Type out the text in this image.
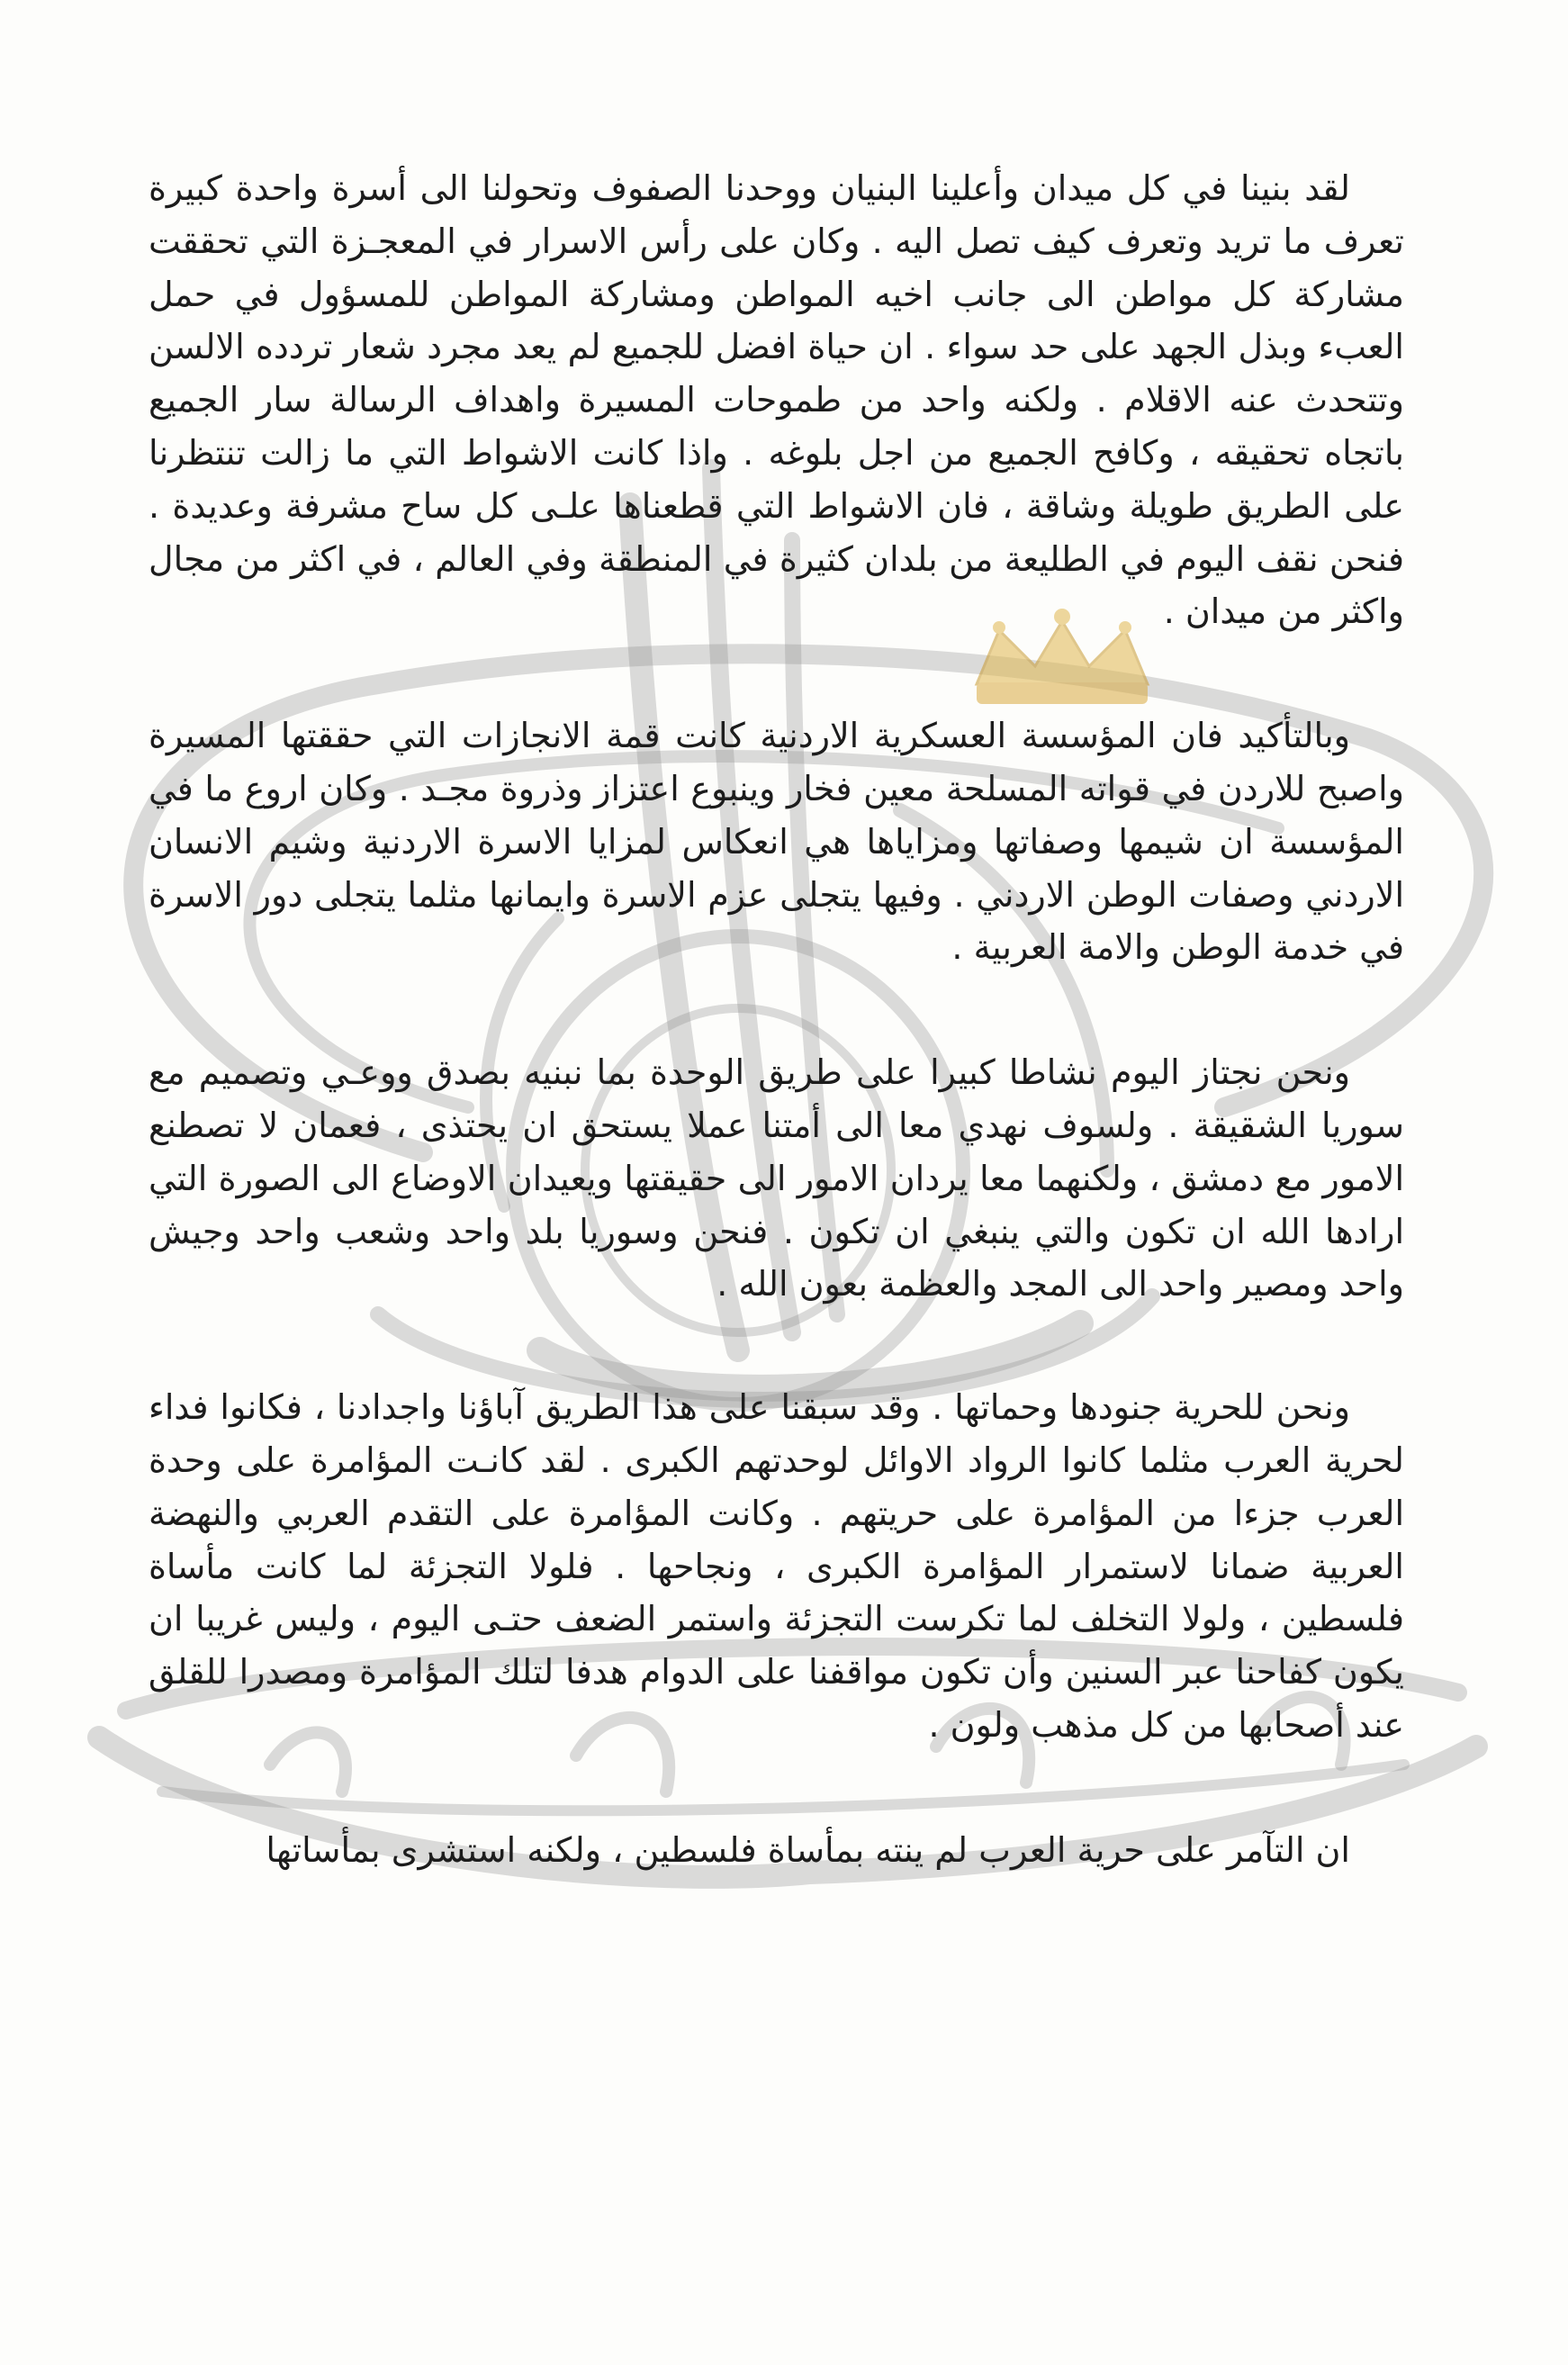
لقد بنينا في كل ميدان وأعلينا البنيان ووحدنا الصفوف وتحولنا الى أسرة واحدة كبيرة تعرف ما تريد وتعرف كيف تصل اليه . وكان على رأس الاسرار في المعجـزة التي تحققت مشاركة كل مواطن الى جانب اخيه المواطن ومشاركة المواطن للمسؤول في حمل العبء وبذل الجهد على حد سواء . ان حياة افضل للجميع لم يعد مجرد شعار تردده الالسن وتتحدث عنه الاقلام . ولكنه واحد من طموحات المسيرة واهداف الرسالة سار الجميع باتجاه تحقيقه ، وكافح الجميع من اجل بلوغه . واذا كانت الاشواط التي ما زالت تنتظرنا على الطريق طويلة وشاقة ، فان الاشواط التي قطعناها علـى كل ساح مشرفة وعديدة . فنحن نقف اليوم في الطليعة من بلدان كثيرة في المنطقة وفي العالم ، في اكثر من مجال واكثر من ميدان .

وبالتأكيد فان المؤسسة العسكرية الاردنية كانت قمة الانجازات التي حققتها المسيرة واصبح للاردن في قواته المسلحة معين فخار وينبوع اعتزاز وذروة مجـد . وكان اروع ما في المؤسسة ان شيمها وصفاتها ومزاياها هي انعكاس لمزايا الاسرة الاردنية وشيم الانسان الاردني وصفات الوطن الاردني . وفيها يتجلى عزم الاسرة وايمانها مثلما يتجلى دور الاسرة في خدمة الوطن والامة العربية .

ونحن نجتاز اليوم نشاطا كبيرا على طريق الوحدة بما نبنيه بصدق ووعـي وتصميم مع سوريا الشقيقة . ولسوف نهدي معا الى أمتنا عملا يستحق ان يحتذى ، فعمان لا تصطنع الامور مع دمشق ، ولكنهما معا يردان الامور الى حقيقتها ويعيدان الاوضاع الى الصورة التي ارادها الله ان تكون والتي ينبغي ان تكون . فنحن وسوريا بلد واحد وشعب واحد وجيش واحد ومصير واحد الى المجد والعظمة بعون الله .

ونحن للحرية جنودها وحماتها . وقد سبقنا على هذا الطريق آباؤنا واجدادنا ، فكانوا فداء لحرية العرب مثلما كانوا الرواد الاوائل لوحدتهم الكبرى . لقد كانـت المؤامرة على وحدة العرب جزءا من المؤامرة على حريتهم . وكانت المؤامرة على التقدم العربي والنهضة العربية ضمانا لاستمرار المؤامرة الكبرى ، ونجاحها . فلولا التجزئة لما كانت مأساة فلسطين ، ولولا التخلف لما تكرست التجزئة واستمر الضعف حتـى اليوم ، وليس غريبا ان يكون كفاحنا عبر السنين وأن تكون مواقفنا على الدوام هدفا لتلك المؤامرة ومصدرا للقلق عند أصحابها من كل مذهب ولون .

ان التآمر على حرية العرب لم ينته بمأساة فلسطين ، ولكنه استشرى بمأساتها
